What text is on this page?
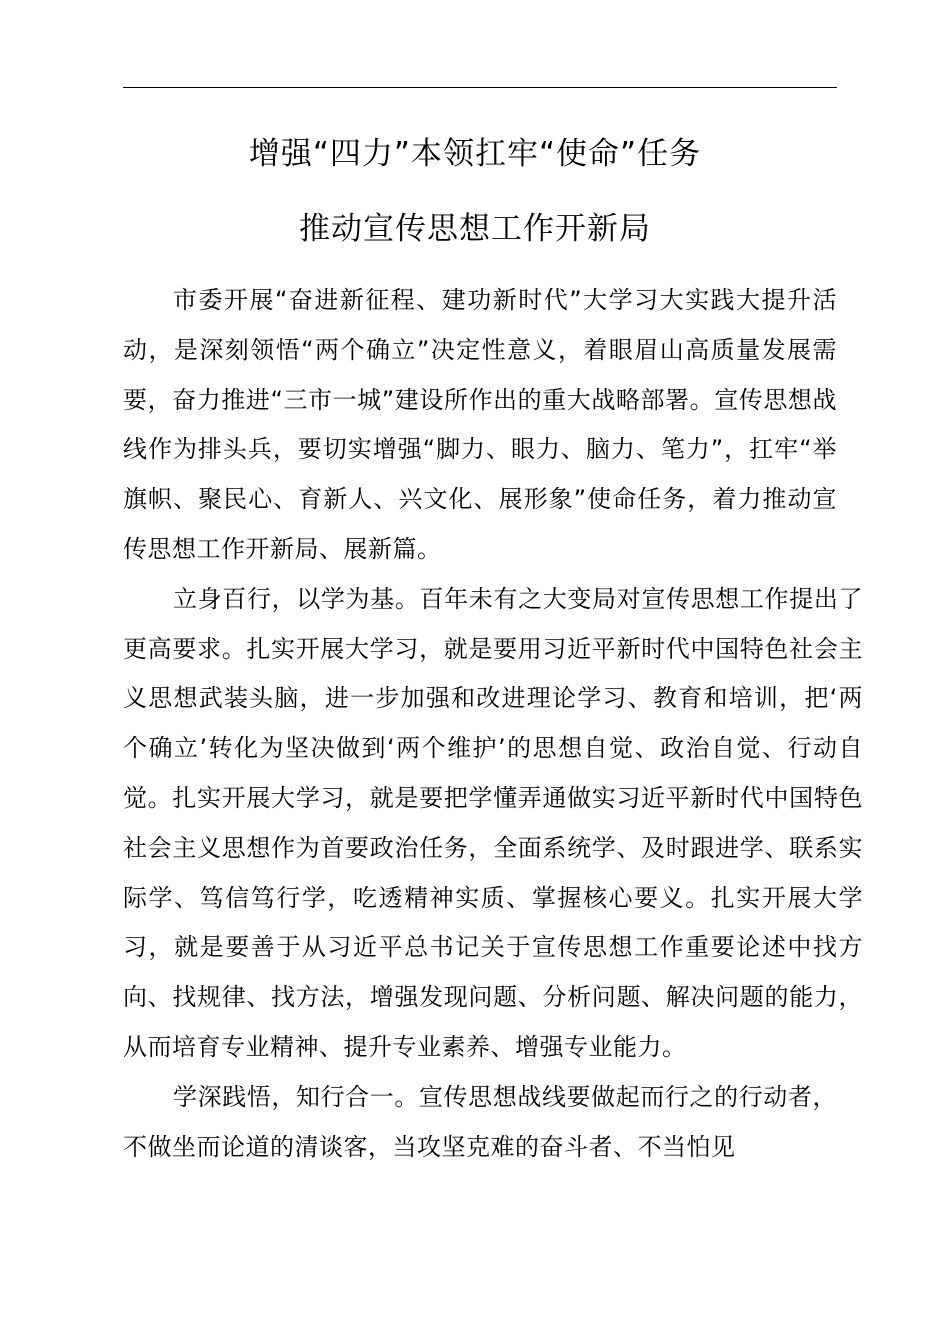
增强“四力”本领扛牢“使命”任务
推动宣传思想工作开新局

市委开展“奋进新征程、建功新时代”大学习大实践大提升活动，是深刻领悟“两个确立”决定性意义，着眼眉山高质量发展需要，奋力推进“三市一城”建设所作出的重大战略部署。宣传思想战线作为排头兵，要切实增强“脚力、眼力、脑力、笔力”，扛牢“举旗帜、聚民心、育新人、兴文化、展形象”使命任务，着力推动宣传思想工作开新局、展新篇。

立身百行，以学为基。百年未有之大变局对宣传思想工作提出了更高要求。扎实开展大学习，就是要用习近平新时代中国特色社会主义思想武装头脑，进一步加强和改进理论学习、教育和培训，把‘两个确立’转化为坚决做到‘两个维护’的思想自觉、政治自觉、行动自觉。扎实开展大学习，就是要把学懂弄通做实习近平新时代中国特色社会主义思想作为首要政治任务，全面系统学、及时跟进学、联系实际学、笃信笃行学，吃透精神实质、掌握核心要义。扎实开展大学习，就是要善于从习近平总书记关于宣传思想工作重要论述中找方向、找规律、找方法，增强发现问题、分析问题、解决问题的能力，从而培育专业精神、提升专业素养、增强专业能力。

学深践悟，知行合一。宣传思想战线要做起而行之的行动者，不做坐而论道的清谈客，当攻坚克难的奋斗者、不当怕见
